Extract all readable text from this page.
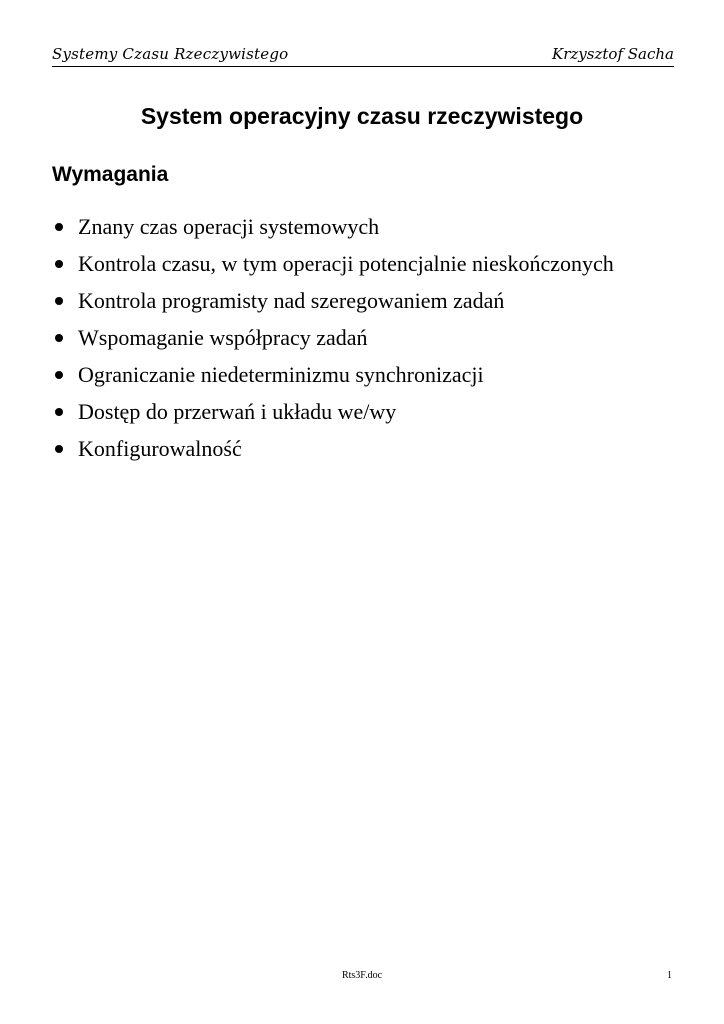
Systemy Czasu Rzeczywistego	Krzysztof Sacha
System operacyjny czasu rzeczywistego
Wymagania
Znany czas operacji systemowych
Kontrola czasu, w tym operacji potencjalnie nieskończonych
Kontrola programisty nad szeregowaniem zadań
Wspomaganie współpracy zadań
Ograniczanie niedeterminizmu synchronizacji
Dostęp do przerwań i układu we/wy
Konfigurowalność
Rts3F.doc	1
